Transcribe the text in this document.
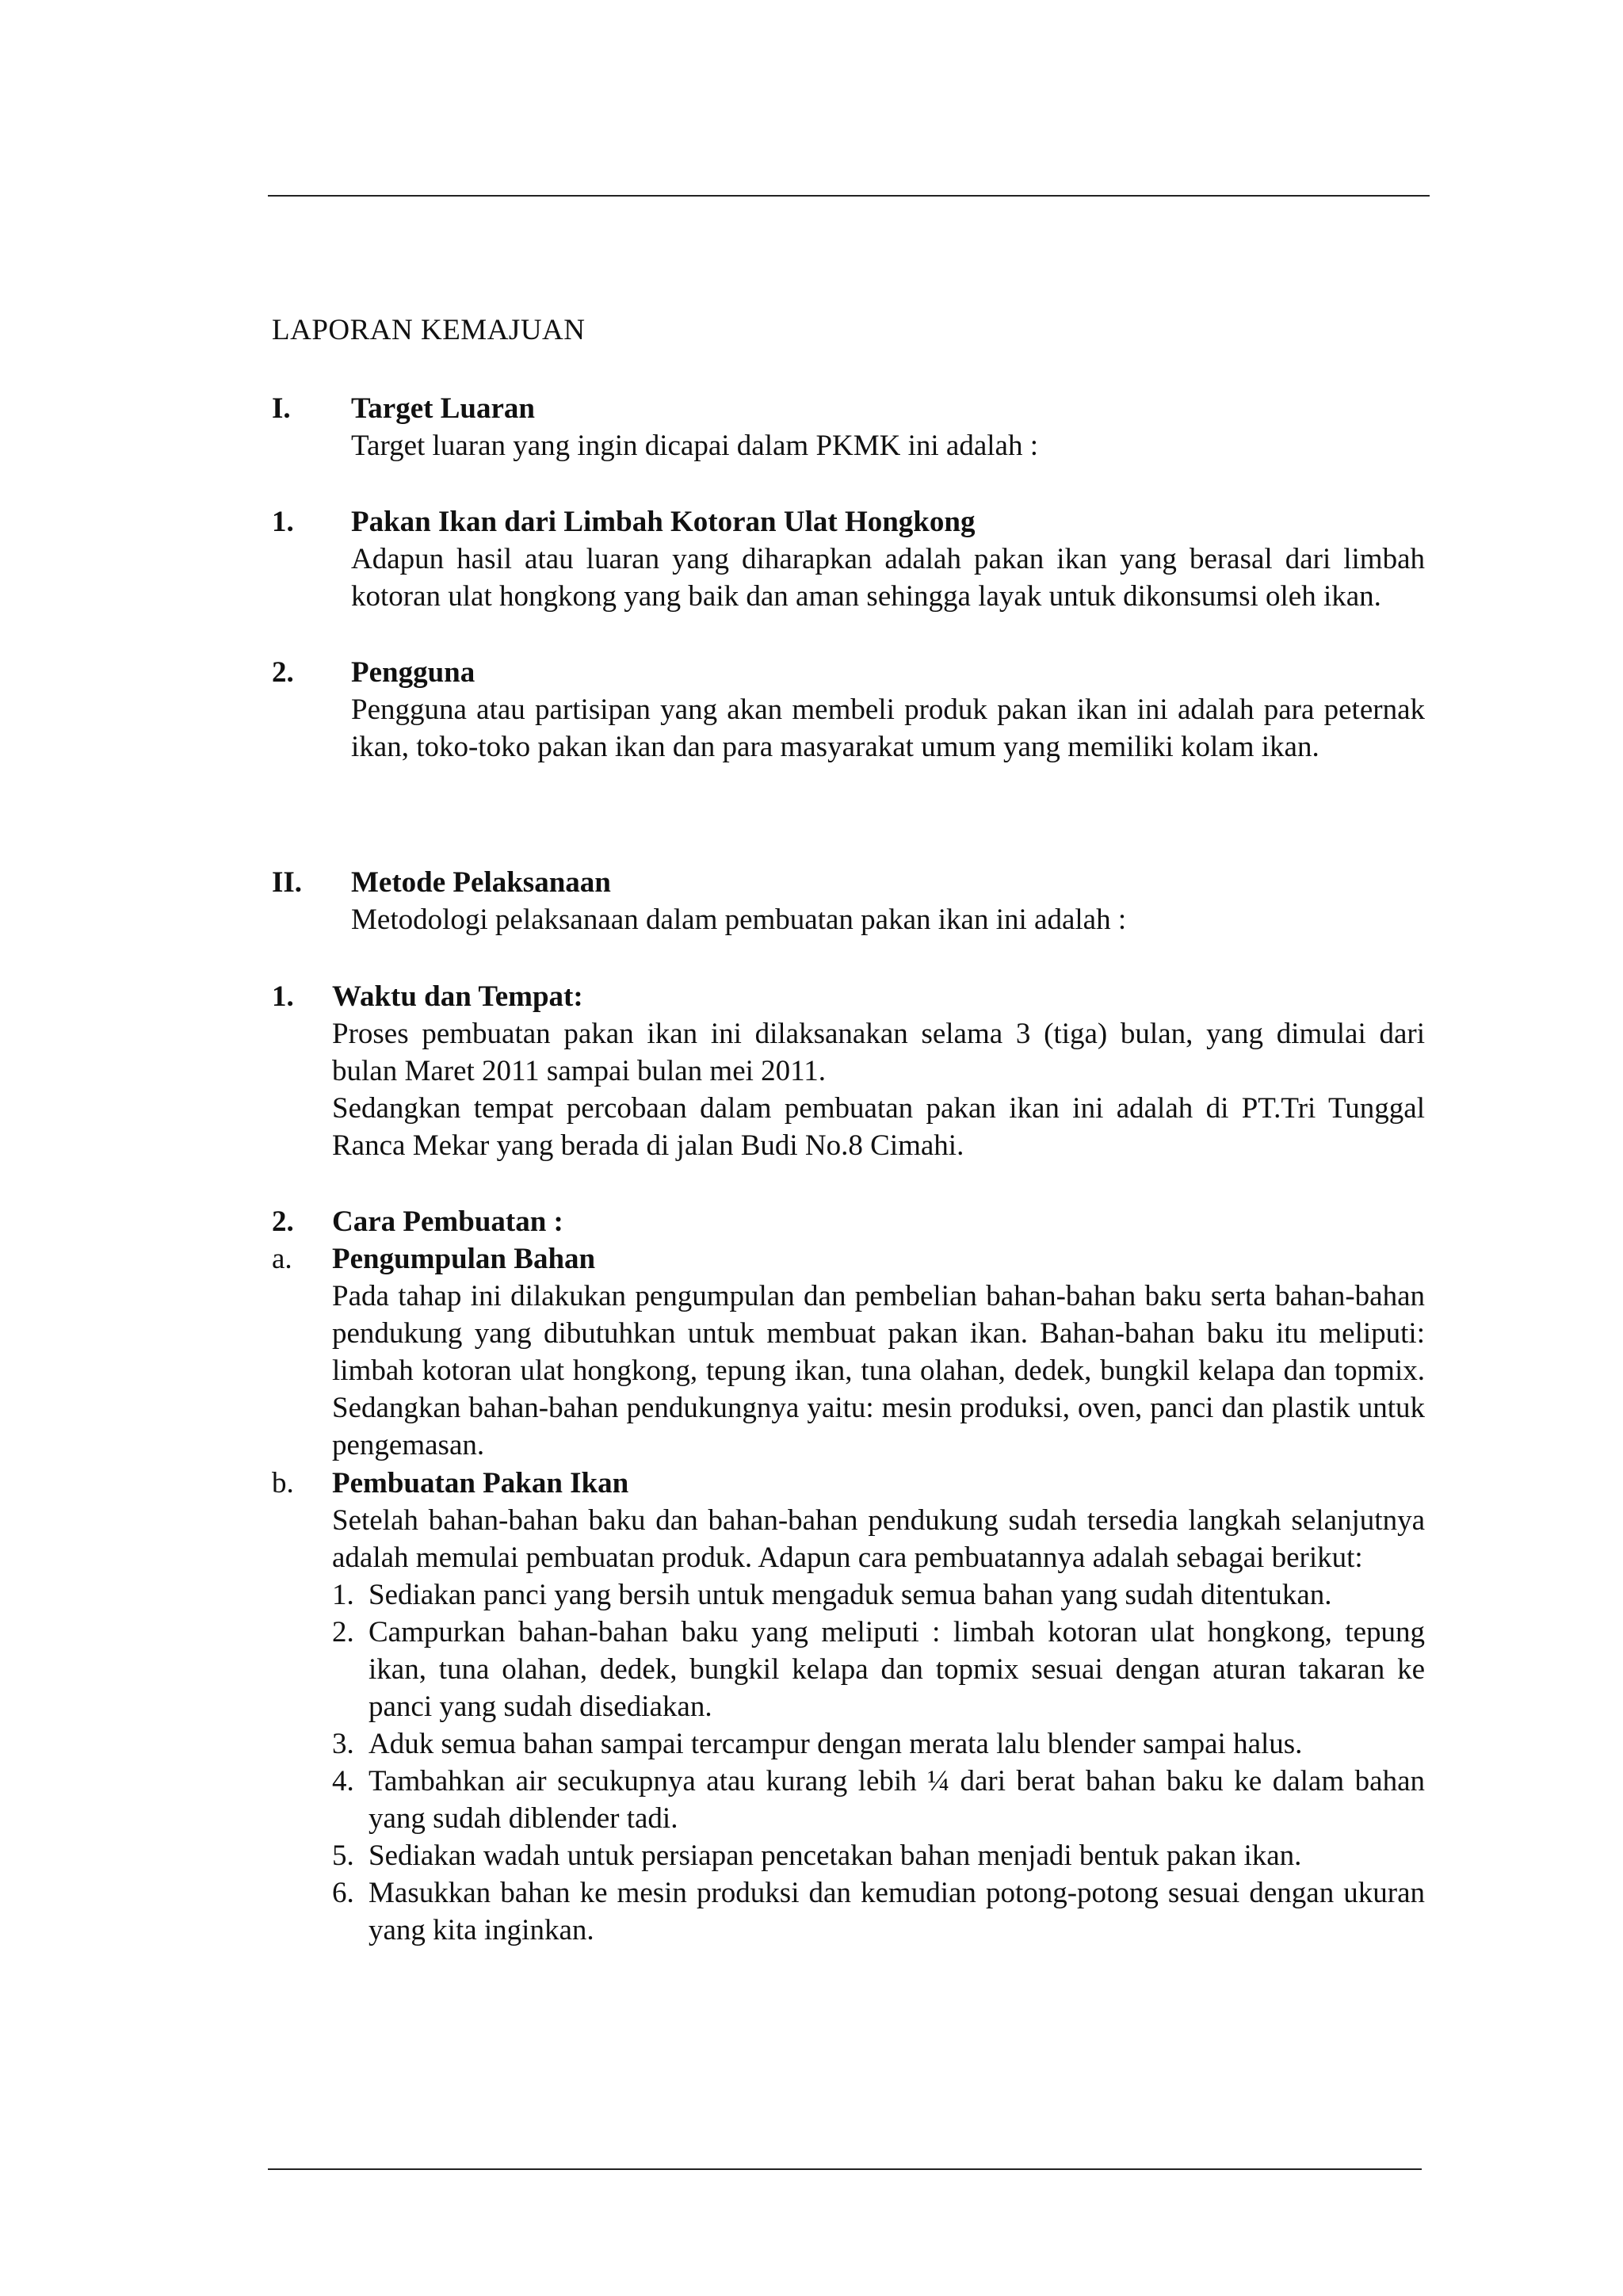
LAPORAN KEMAJUAN
I. Target Luaran
Target luaran yang ingin dicapai dalam PKMK ini adalah :
1. Pakan Ikan dari Limbah Kotoran Ulat Hongkong
Adapun hasil atau luaran yang diharapkan adalah pakan ikan yang berasal dari limbah kotoran ulat hongkong yang baik dan aman sehingga layak untuk dikonsumsi oleh ikan.
2. Pengguna
Pengguna atau partisipan yang akan membeli produk pakan ikan ini adalah para peternak ikan, toko-toko pakan ikan dan para masyarakat umum yang memiliki kolam ikan.
II. Metode Pelaksanaan
Metodologi pelaksanaan dalam pembuatan pakan ikan ini adalah :
1. Waktu dan Tempat:

Proses pembuatan pakan ikan ini dilaksanakan selama 3 (tiga) bulan, yang dimulai dari bulan Maret 2011 sampai bulan mei 2011.

Sedangkan tempat percobaan dalam pembuatan pakan ikan ini adalah di PT.Tri Tunggal Ranca Mekar yang berada di jalan Budi No.8 Cimahi.

2. Cara Pembuatan :
a. Pengumpulan Bahan
Pada tahap ini dilakukan pengumpulan dan pembelian bahan-bahan baku serta bahan-bahan pendukung yang dibutuhkan untuk membuat pakan ikan. Bahan-bahan baku itu meliputi: limbah kotoran ulat hongkong, tepung ikan, tuna olahan, dedek, bungkil kelapa dan topmix. Sedangkan bahan-bahan pendukungnya yaitu: mesin produksi, oven, panci dan plastik untuk pengemasan.
b. Pembuatan Pakan Ikan
Setelah bahan-bahan baku dan bahan-bahan pendukung sudah tersedia langkah selanjutnya adalah memulai pembuatan produk. Adapun cara pembuatannya adalah sebagai berikut:
1. Sediakan panci yang bersih untuk mengaduk semua bahan yang sudah ditentukan.
2. Campurkan bahan-bahan baku yang meliputi : limbah kotoran ulat hongkong, tepung ikan, tuna olahan, dedek, bungkil kelapa dan topmix sesuai dengan aturan takaran ke panci yang sudah disediakan.
3. Aduk semua bahan sampai tercampur dengan merata lalu blender sampai halus.
4. Tambahkan air secukupnya atau kurang lebih ¼ dari berat bahan baku ke dalam bahan yang sudah diblender tadi.
5. Sediakan wadah untuk persiapan pencetakan bahan menjadi bentuk pakan ikan.
6. Masukkan bahan ke mesin produksi dan kemudian potong-potong sesuai dengan ukuran yang kita inginkan.
